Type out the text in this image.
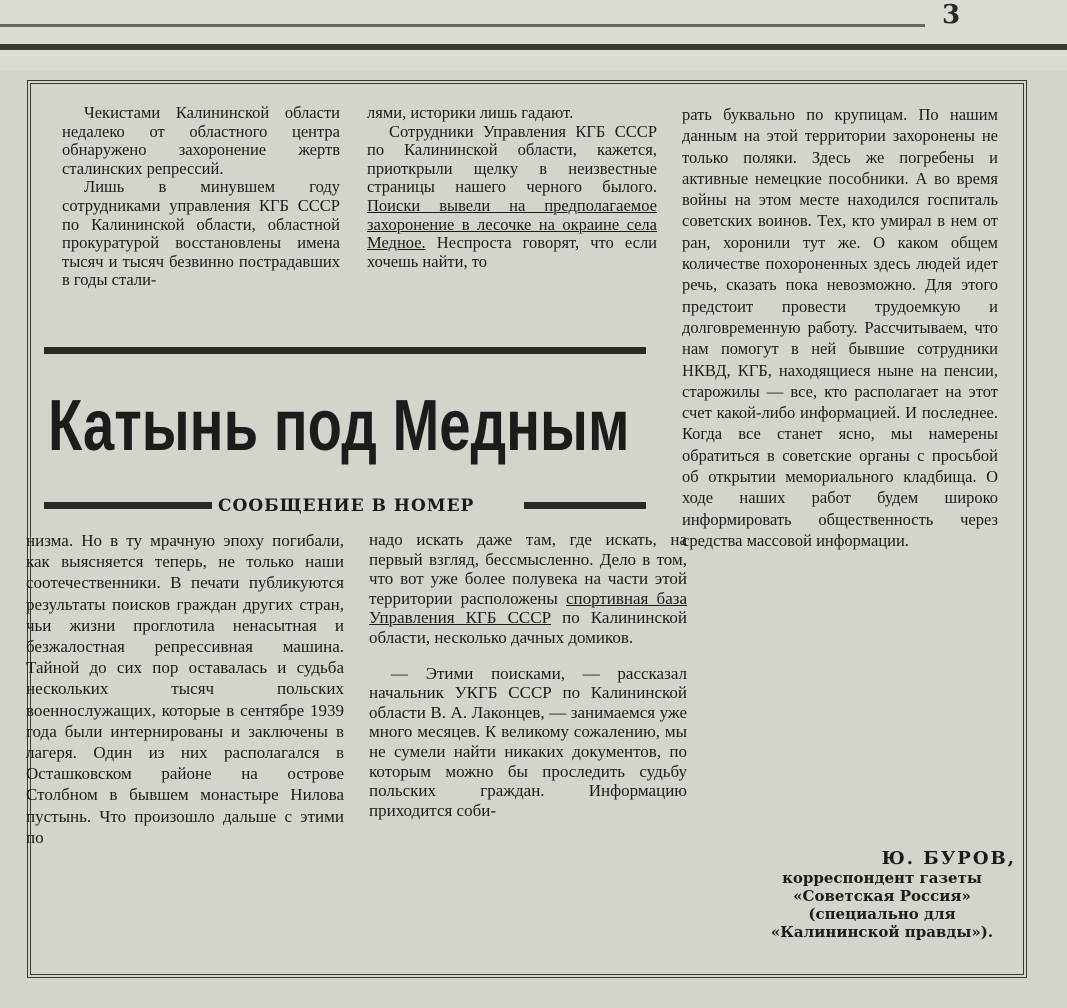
3

Чекистами Калининской области недалеко от областного центра обнаружено захоронение жертв сталинских репрессий.

Лишь в минувшем году сотрудниками управления КГБ СССР по Калининской области, областной прокуратурой восстановлены имена тысяч и тысяч безвинно пострадавших в годы стали-

лями, историки лишь гадают.

Сотрудники Управления КГБ СССР по Калининской области, кажется, приоткрыли щелку в неизвестные страницы нашего черного былого. Поиски вывели на предполагаемое захоронение в лесочке на окраине села Медное. Неспроста говорят, что если хочешь найти, то

рать буквально по крупицам. По нашим данным на этой территории захоронены не только поляки. Здесь же погребены и активные немецкие пособники. А во время войны на этом месте находился госпиталь советских воинов. Тех, кто умирал в нем от ран, хоронили тут же. О каком общем количестве похороненных здесь людей идет речь, сказать пока невозможно. Для этого предстоит провести трудоемкую и долговременную работу. Рассчитываем, что нам помогут в ней бывшие сотрудники НКВД, КГБ, находящиеся ныне на пенсии, старожилы — все, кто располагает на этот счет какой-либо информацией. И последнее. Когда все станет ясно, мы намерены обратиться в советские органы с просьбой об открытии мемориального кладбища. О ходе наших работ будем широко информировать общественность через средства массовой информации.

Катынь под Медным
СООБЩЕНИЕ В НОМЕР

низма. Но в ту мрачную эпоху погибали, как выясняется теперь, не только наши соотечественники. В печати публикуются результаты поисков граждан других стран, чьи жизни проглотила ненасытная и безжалостная репрессивная машина. Тайной до сих пор оставалась и судьба нескольких тысяч польских военнослужащих, которые в сентябре 1939 года были интернированы и заключены в лагеря. Один из них располагался в Осташковском районе на острове Столбном в бывшем монастыре Нилова пустынь. Что произошло дальше с этими по

надо искать даже там, где искать, на первый взгляд, бессмысленно. Дело в том, что вот уже более полувека на части этой территории расположены спортивная база Управления КГБ СССР по Калининской области, несколько дачных домиков.

— Этими поисками, — рассказал начальник УКГБ СССР по Калининской области В. А. Лаконцев, — занимаемся уже много месяцев. К великому сожалению, мы не сумели найти никаких документов, по которым можно бы проследить судьбу польских граждан. Информацию приходится соби-

Ю. БУРОВ,
корреспондент газеты
«Советская Россия»
(специально для «Калининской правды»).
